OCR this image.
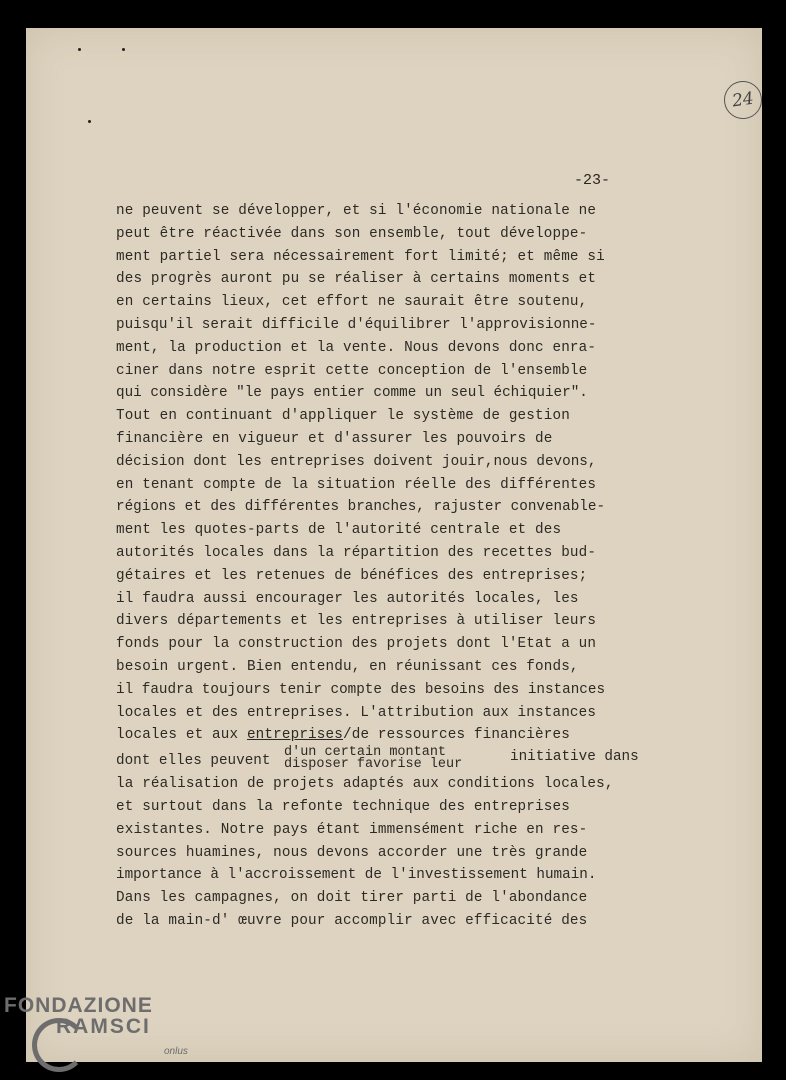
24
-23-
ne peuvent se développer, et si l'économie nationale ne
peut être réactivée dans son ensemble, tout développe-
ment partiel sera nécessairement fort limité; et même si
des progrès auront pu se réaliser à certains moments et
en certains lieux, cet effort ne saurait être soutenu,
puisqu'il serait difficile d'équilibrer l'approvisionne-
ment, la production et la vente. Nous devons donc enra-
ciner dans notre esprit cette conception de l'ensemble
qui considère "le pays entier comme un seul échiquier".
Tout en continuant d'appliquer le système de gestion
financière en vigueur et d'assurer les pouvoirs de
décision dont les entreprises doivent jouir,nous devons,
en tenant compte de la situation réelle des différentes
régions et des différentes branches, rajuster convenable-
ment les quotes-parts de l'autorité centrale et des
autorités locales dans la répartition des recettes bud-
gétaires et les retenues de bénéfices des entreprises;
il faudra aussi encourager les autorités locales, les
divers départements et les entreprises à utiliser leurs
fonds pour la construction des projets dont l'Etat a un
besoin urgent. Bien entendu, en réunissant ces fonds,
il faudra toujours tenir compte des besoins des instances
locales et des entreprises. L'attribution aux instances
locales et aux entreprises/de ressources financières
dont elles peuvent
d'un certain montant
disposer favorise leur	initiative dans
la réalisation de projets adaptés aux conditions locales,
et surtout dans la refonte technique des entreprises
existantes. Notre pays étant immensément riche en res-
sources huamines, nous devons accorder une très grande
importance à l'accroissement de l'investissement humain.
Dans les campagnes, on doit tirer parti de l'abondance
de la main-d' œuvre pour accomplir avec efficacité des
FONDAZIONE
RAMSCI
onlus
